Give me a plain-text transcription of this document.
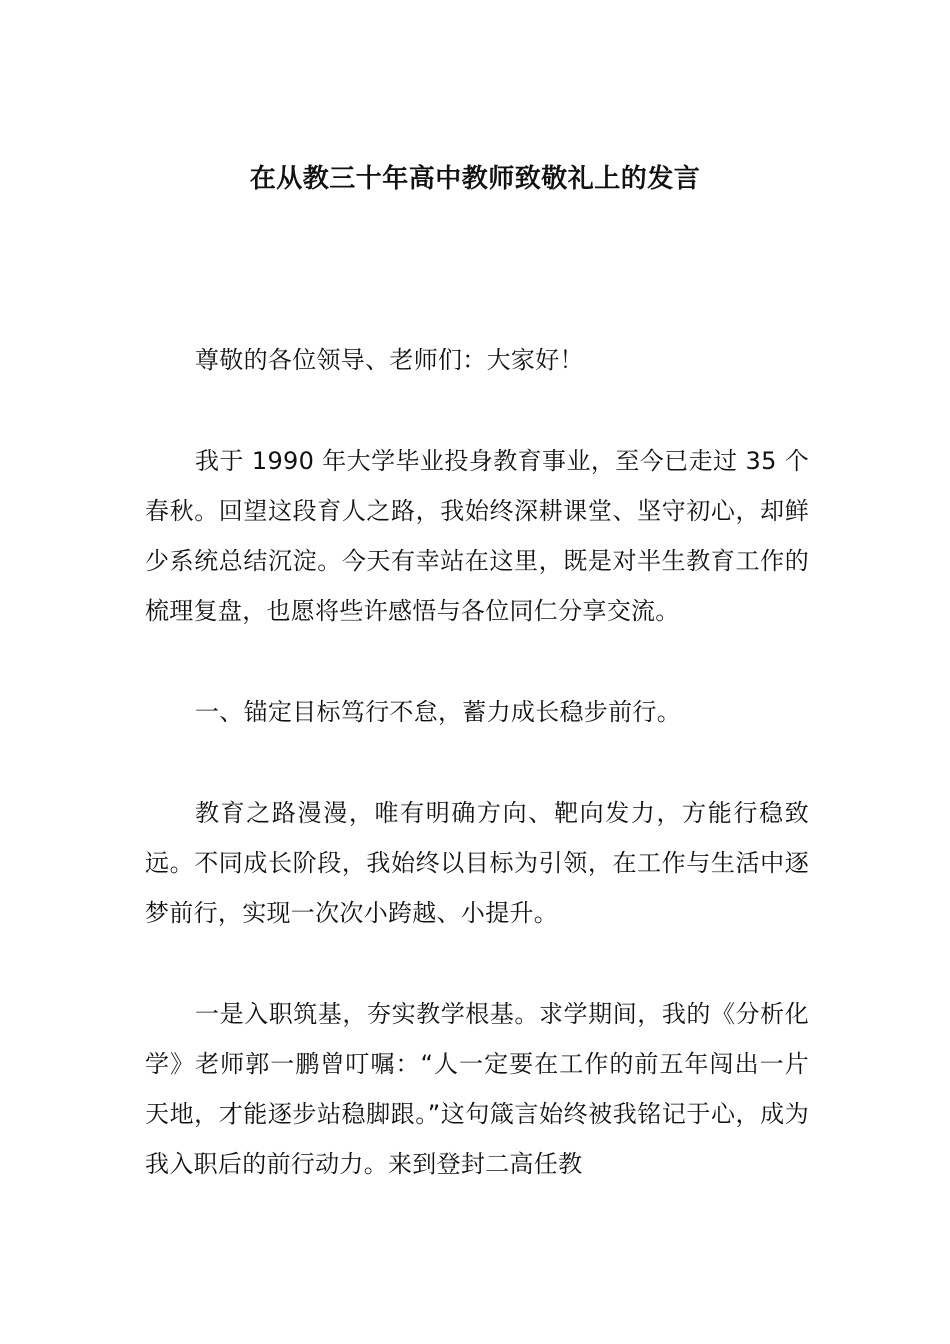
在从教三十年高中教师致敬礼上的发言

尊敬的各位领导、老师们：大家好！

我于 1990 年大学毕业投身教育事业，至今已走过 35 个春秋。回望这段育人之路，我始终深耕课堂、坚守初心，却鲜少系统总结沉淀。今天有幸站在这里，既是对半生教育工作的梳理复盘，也愿将些许感悟与各位同仁分享交流。

一、锚定目标笃行不怠，蓄力成长稳步前行。

教育之路漫漫，唯有明确方向、靶向发力，方能行稳致远。不同成长阶段，我始终以目标为引领，在工作与生活中逐梦前行，实现一次次小跨越、小提升。

一是入职筑基，夯实教学根基。求学期间，我的《分析化学》老师郭一鹏曾叮嘱：“人一定要在工作的前五年闯出一片天地，才能逐步站稳脚跟。”这句箴言始终被我铭记于心，成为我入职后的前行动力。来到登封二高任教
